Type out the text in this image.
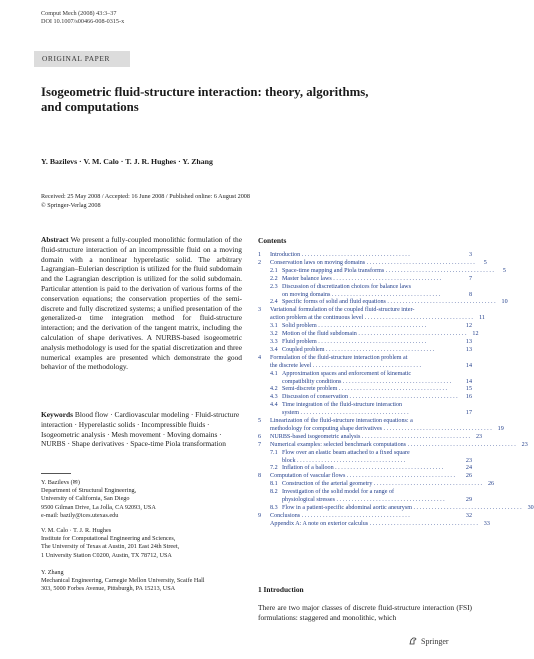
Comput Mech (2008) 43:3–37
DOI 10.1007/s00466-008-0315-x
ORIGINAL PAPER
Isogeometric fluid-structure interaction: theory, algorithms, and computations
Y. Bazilevs · V. M. Calo · T. J. R. Hughes · Y. Zhang
Received: 25 May 2008 / Accepted: 16 June 2008 / Published online: 6 August 2008
© Springer-Verlag 2008
Abstract We present a fully-coupled monolithic formulation of the fluid-structure interaction of an incompressible fluid on a moving domain with a nonlinear hyperelastic solid. The arbitrary Lagrangian–Eulerian description is utilized for the fluid subdomain and the Lagrangian description is utilized for the solid subdomain. Particular attention is paid to the derivation of various forms of the conservation equations; the conservation properties of the semi-discrete and fully discretized systems; a unified presentation of the generalized-α time integration method for fluid-structure interaction; and the derivation of the tangent matrix, including the calculation of shape derivatives. A NURBS-based isogeometric analysis methodology is used for the spatial discretization and three numerical examples are presented which demonstrate the good behavior of the methodology.
Keywords Blood flow · Cardiovascular modeling · Fluid-structure interaction · Hyperelastic solids · Incompressible fluids · Isogeometric analysis · Mesh movement · Moving domains · NURBS · Shape derivatives · Space-time Piola transformation
Y. Bazilevs (✉)
Department of Structural Engineering,
University of California, San Diego
9500 Gilman Drive, La Jolla, CA 92093, USA
e-mail: bazily@ices.utexas.edu
V. M. Calo · T. J. R. Hughes
Institute for Computational Engineering and Sciences,
The University of Texas at Austin, 201 East 24th Street,
1 University Station C0200, Austin, TX 78712, USA
Y. Zhang
Mechanical Engineering, Carnegie Mellon University, Scaife Hall
303, 5000 Forbes Avenue, Pittsburgh, PA 15213, USA
Contents
1	Introduction . . . . . . . . . . . . . . . . . . . . . . . . . . . . . . . . . . . .	3
2	Conservation laws on moving domains . . . . . . . . . . . . . . . . . . . . . . . . . . . . . . . . . . . .	5
2.1 Space-time mapping and Piola transforms . . . . . . . . . . . . . . . . . . . . . . . . . . . . . . . . . . . .	5
2.2 Master balance laws . . . . . . . . . . . . . . . . . . . . . . . . . . . . . . . . . . . .	7
2.3 Discussion of discretization choices for balance laws
on moving domains . . . . . . . . . . . . . . . . . . . . . . . . . . . . . . . . . . . .	8
2.4 Specific forms of solid and fluid equations . . . . . . . . . . . . . . . . . . . . . . . . . . . . . . . . . . . . 10
3	Variational formulation of the coupled fluid-structure inter-
action problem at the continuous level . . . . . . . . . . . . . . . . . . . . . . . . . . . . . . . . . . . .	11
3.1 Solid problem . . . . . . . . . . . . . . . . . . . . . . . . . . . . . . . . . . . .	12
3.2 Motion of the fluid subdomain . . . . . . . . . . . . . . . . . . . . . . . . . . . . . . . . . . . . 12
3.3 Fluid problem . . . . . . . . . . . . . . . . . . . . . . . . . . . . . . . . . . . .	13
3.4 Coupled problem . . . . . . . . . . . . . . . . . . . . . . . . . . . . . . . . . . . .	13
4	Formulation of the fluid-structure interaction problem at
the discrete level . . . . . . . . . . . . . . . . . . . . . . . . . . . . . . . . . . . .	14
4.1 Approximation spaces and enforcement of kinematic
compatibility conditions . . . . . . . . . . . . . . . . . . . . . . . . . . . . . . . . . . . .	14
4.2 Semi-discrete problem . . . . . . . . . . . . . . . . . . . . . . . . . . . . . . . . . . . .	15
4.3 Discussion of conservation . . . . . . . . . . . . . . . . . . . . . . . . . . . . . . . . . . . .	16
4.4 Time integration of the fluid-structure interaction
system . . . . . . . . . . . . . . . . . . . . . . . . . . . . . . . . . . . .	17
5	Linearization of the fluid-structure interaction equations: a
methodology for computing shape derivatives . . . . . . . . . . . . . . . . . . . . . . . . . . . . . . . . . . . . 19
6	NURBS-based isogeometric analysis . . . . . . . . . . . . . . . . . . . . . . . . . . . . . . . . . . . . 23
7	Numerical examples: selected benchmark computations . . . . . . . . . . . . . . . . . . . . . . . . . . . . . . . . . . . . 23
7.1 Flow over an elastic beam attached to a fixed square
block . . . . . . . . . . . . . . . . . . . . . . . . . . . . . . . . . . . .	23
7.2 Inflation of a balloon . . . . . . . . . . . . . . . . . . . . . . . . . . . . . . . . . . . .	24
8	Computation of vascular flows . . . . . . . . . . . . . . . . . . . . . . . . . . . . . . . . . . . .	26
8.1 Construction of the arterial geometry . . . . . . . . . . . . . . . . . . . . . . . . . . . . . . . . . . . . 26
8.2 Investigation of the solid model for a range of
physiological stresses . . . . . . . . . . . . . . . . . . . . . . . . . . . . . . . . . . . .	29
8.3 Flow in a patient-specific abdominal aortic aneurysm . . . . . . . . . . . . . . . . . . . . . . . . . . . . . . . . . . . . 30
9	Conclusions . . . . . . . . . . . . . . . . . . . . . . . . . . . . . . . . . . . .	32
Appendix A: A note on exterior calculus . . . . . . . . . . . . . . . . . . . . . . . . . . . . . . . . . . . . 33
1 Introduction
There are two major classes of discrete fluid-structure interaction (FSI) formulations: staggered and monolithic, which
Springer
